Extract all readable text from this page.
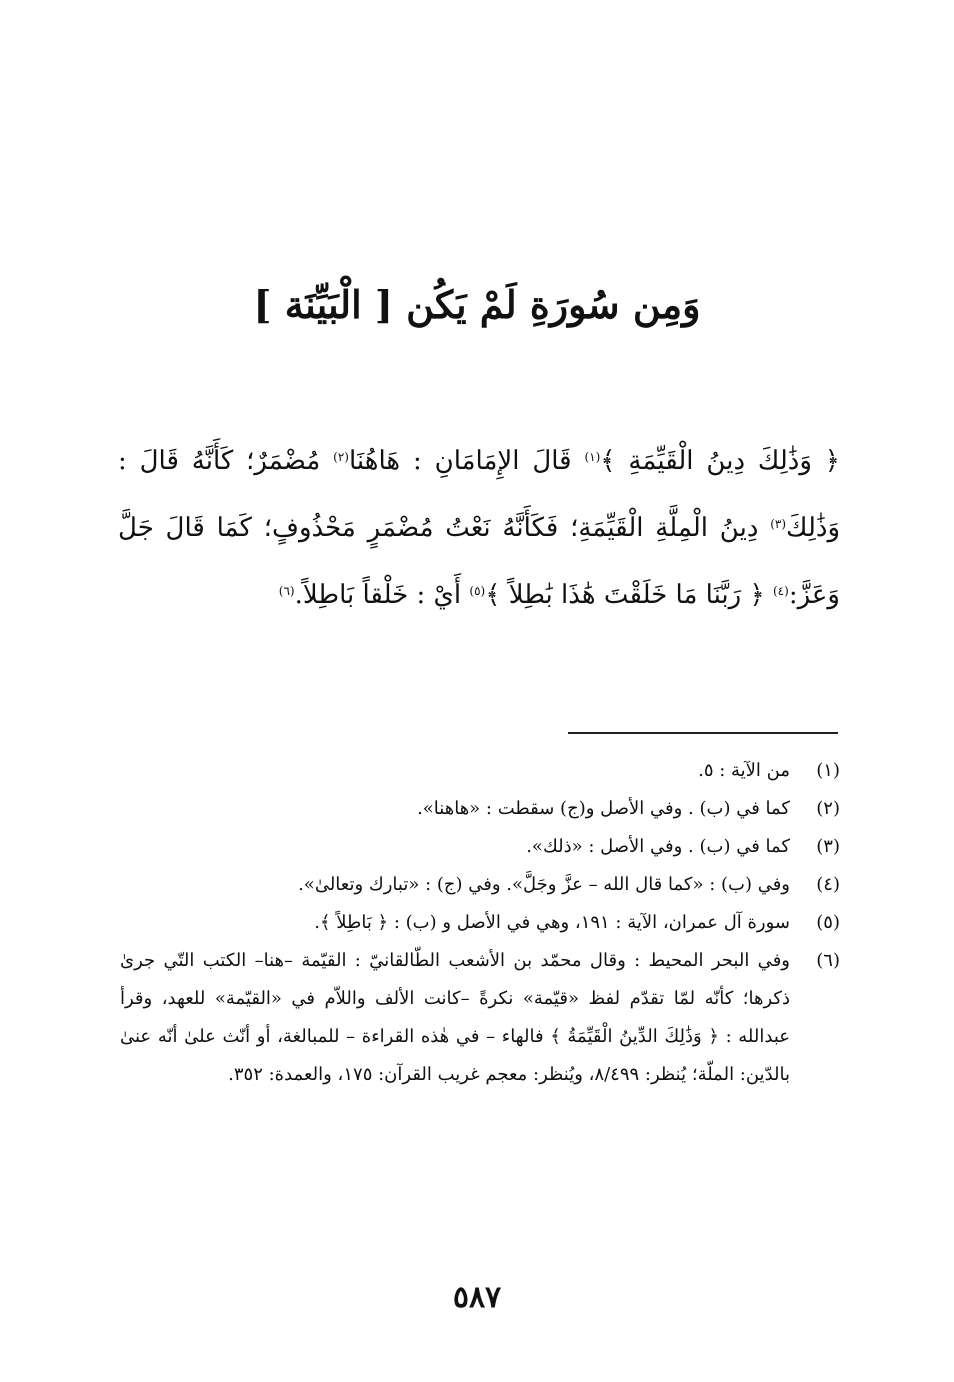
وَمِن سُورَةِ لَمْ يَكُن [ الْبَيِّنَة ]

﴿ وَذَٰلِكَ دِينُ الْقَيِّمَةِ ﴾$^{(١)}$ قَالَ الإِمَامَانِ : هَاهُنَا$^{(٢)}$ مُضْمَرٌ؛ كَأَنَّهُ قَالَ : وَذَٰلِكَ$^{(٣)}$ دِينُ الْمِلَّةِ الْقَيِّمَةِ؛ فَكَأَنَّهُ نَعْتُ مُضْمَرٍ مَحْذُوفٍ؛ كَمَا قَالَ جَلَّ وَعَزَّ:$^{(٤)}$ ﴿ رَبَّنَا مَا خَلَقْتَ هَٰذَا بَٰطِلاً ﴾$^{(٥)}$ أَيْ : خَلْقاً بَاطِلاً.$^{(٦)}$

(١)
من الآية : ٥.
(٢)
كما في (ب) . وفي الأصل و(ج) سقطت : «هاهنا».
(٣)
كما في (ب) . وفي الأصل : «ذلك».
(٤)
وفي (ب) : «كما قال الله – عزَّ وجَلَّ». وفي (ج) : «تبارك وتعالىٰ».
(٥)
سورة آل عمران، الآية : ١٩١، وهي في الأصل و (ب) : ﴿ بَاطِلاً ﴾.
(٦)
وفي البحر المحيط : وقال محمّد بن الأشعب الطّالقانيّ : القيّمة –هنا– الكتب التّي جرىٰ ذكرها؛ كأنّه لمّا تقدّم لفظ «قيّمة» نكرةً –كانت الألف واللاّم في «القيّمة» للعهد، وقرأ عبدالله : ﴿ وَذَٰلِكَ الدِّينُ الْقَيِّمَةُ ﴾ فالهاء – في هٰذه القراءة – للمبالغة، أو أنّث علىٰ أنّه عنىٰ بالدّين: الملّة؛ يُنظر: ٨/٤٩٩، ويُنظر: معجم غريب القرآن: ١٧٥، والعمدة: ٣٥٢.
٥٨٧
